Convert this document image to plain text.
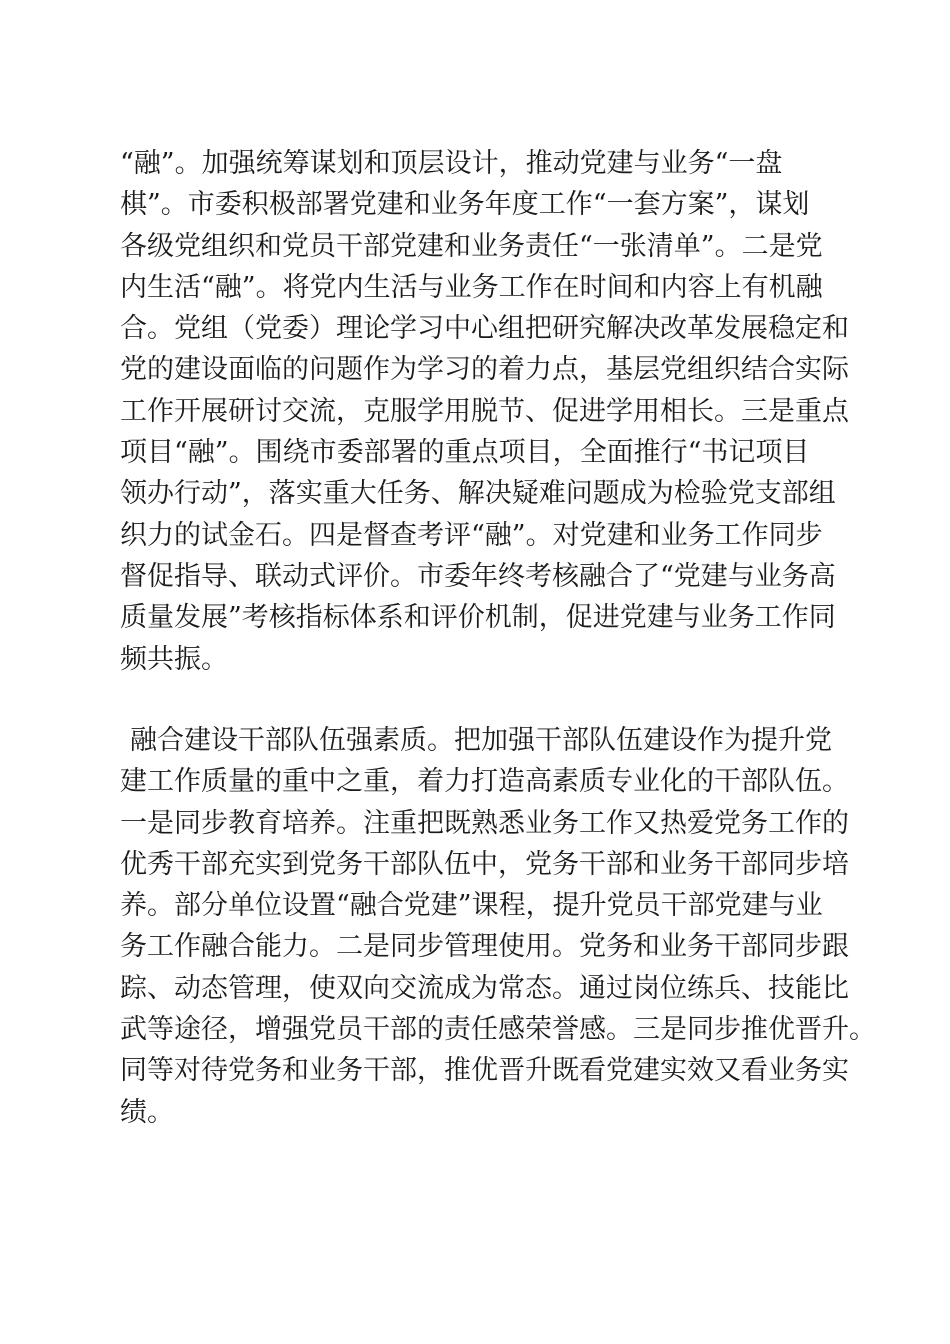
“融”。加强统筹谋划和顶层设计，推动党建与业务“一盘
棋”。市委积极部署党建和业务年度工作“一套方案”，谋划
各级党组织和党员干部党建和业务责任“一张清单”。二是党
内生活“融”。将党内生活与业务工作在时间和内容上有机融
合。党组（党委）理论学习中心组把研究解决改革发展稳定和
党的建设面临的问题作为学习的着力点，基层党组织结合实际
工作开展研讨交流，克服学用脱节、促进学用相长。三是重点
项目“融”。围绕市委部署的重点项目，全面推行“书记项目
领办行动”，落实重大任务、解决疑难问题成为检验党支部组
织力的试金石。四是督查考评“融”。对党建和业务工作同步
督促指导、联动式评价。市委年终考核融合了“党建与业务高
质量发展”考核指标体系和评价机制，促进党建与业务工作同
频共振。
融合建设干部队伍强素质。把加强干部队伍建设作为提升党
建工作质量的重中之重，着力打造高素质专业化的干部队伍。
一是同步教育培养。注重把既熟悉业务工作又热爱党务工作的
优秀干部充实到党务干部队伍中，党务干部和业务干部同步培
养。部分单位设置“融合党建”课程，提升党员干部党建与业
务工作融合能力。二是同步管理使用。党务和业务干部同步跟
踪、动态管理，使双向交流成为常态。通过岗位练兵、技能比
武等途径，增强党员干部的责任感荣誉感。三是同步推优晋升。
同等对待党务和业务干部，推优晋升既看党建实效又看业务实
绩。
